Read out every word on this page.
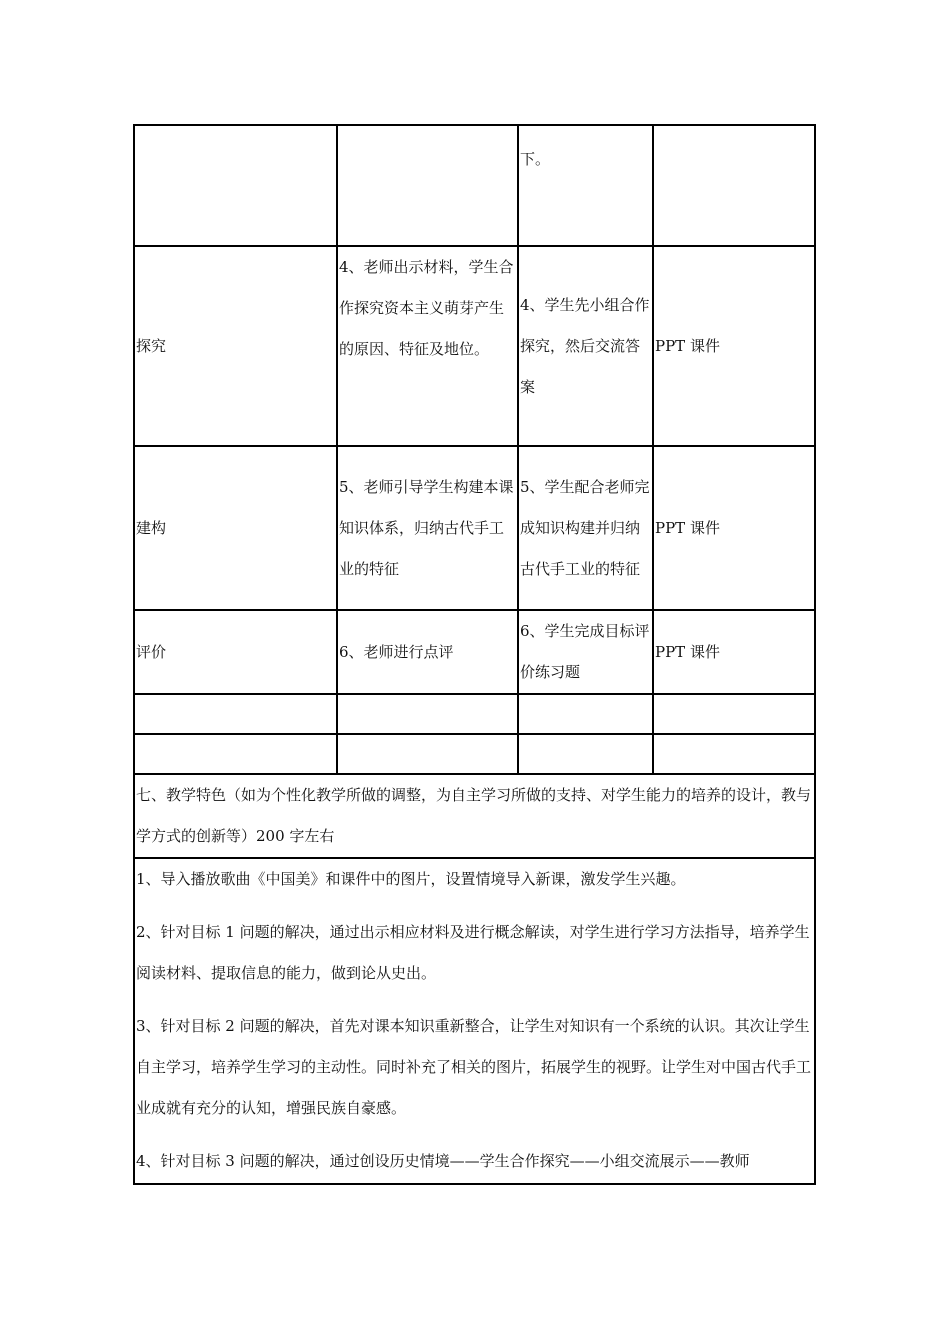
		下。	

探究	4、老师出示材料，学生合作探究资本主义萌芽产生的原因、特征及地位。	4、学生先小组合作探究，然后交流答案	PPT 课件

建构	5、老师引导学生构建本课知识体系，归纳古代手工业的特征	5、学生配合老师完成知识构建并归纳古代手工业的特征	PPT 课件

评价	6、老师进行点评	6、学生完成目标评价练习题	PPT 课件

七、教学特色（如为个性化教学所做的调整，为自主学习所做的支持、对学生能力的培养的设计，教与学方式的创新等）200 字左右			

1、导入播放歌曲《中国美》和课件中的图片，设置情境导入新课，激发学生兴趣。
2、针对目标 1 问题的解决，通过出示相应材料及进行概念解读，对学生进行学习方法指导，培养学生阅读材料、提取信息的能力，做到论从史出。
3、针对目标 2 问题的解决，首先对课本知识重新整合，让学生对知识有一个系统的认识。其次让学生自主学习，培养学生学习的主动性。同时补充了相关的图片，拓展学生的视野。让学生对中国古代手工业成就有充分的认知，增强民族自豪感。
4、针对目标 3 问题的解决，通过创设历史情境——学生合作探究——小组交流展示——教师			
